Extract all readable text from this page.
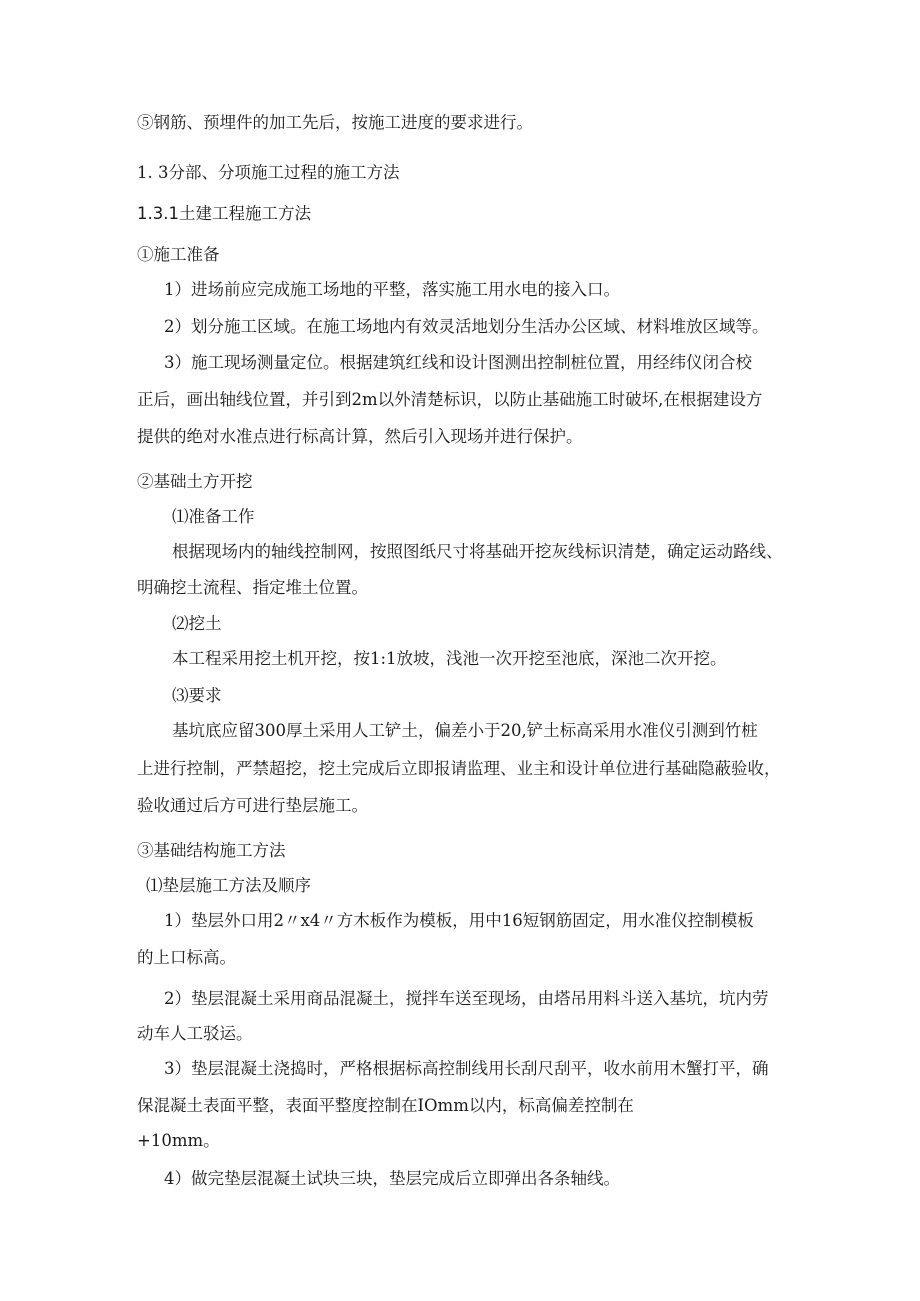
⑤钢筋、预埋件的加工先后，按施工进度的要求进行。
1. 3分部、分项施工过程的施工方法
1.3.1土建工程施工方法
①施工准备
1）进场前应完成施工场地的平整，落实施工用水电的接入口。
2）划分施工区域。在施工场地内有效灵活地划分生活办公区域、材料堆放区域等。
3）施工现场测量定位。根据建筑红线和设计图测出控制桩位置，用经纬仪闭合校
正后，画出轴线位置，并引到2m以外清楚标识，以防止基础施工时破坏,在根据建设方
提供的绝对水准点进行标高计算，然后引入现场并进行保护。
②基础土方开挖
⑴准备工作
根据现场内的轴线控制网，按照图纸尺寸将基础开挖灰线标识清楚，确定运动路线、
明确挖土流程、指定堆土位置。
⑵挖土
本工程采用挖土机开挖，按1:1放坡，浅池一次开挖至池底，深池二次开挖。
⑶要求
基坑底应留300厚土采用人工铲土，偏差小于20,铲土标高采用水准仪引测到竹桩
上进行控制，严禁超挖，挖土完成后立即报请监理、业主和设计单位进行基础隐蔽验收，
验收通过后方可进行垫层施工。
③基础结构施工方法
⑴垫层施工方法及顺序
1）垫层外口用2〃x4〃方木板作为模板，用中16短钢筋固定，用水准仪控制模板
的上口标高。
2）垫层混凝土采用商品混凝土，搅拌车送至现场，由塔吊用料斗送入基坑，坑内劳
动车人工驳运。
3）垫层混凝土浇捣时，严格根据标高控制线用长刮尺刮平，收水前用木蟹打平，确
保混凝土表面平整，表面平整度控制在IOmm以内，标高偏差控制在
+10mm。
4）做完垫层混凝土试块三块，垫层完成后立即弹出各条轴线。
